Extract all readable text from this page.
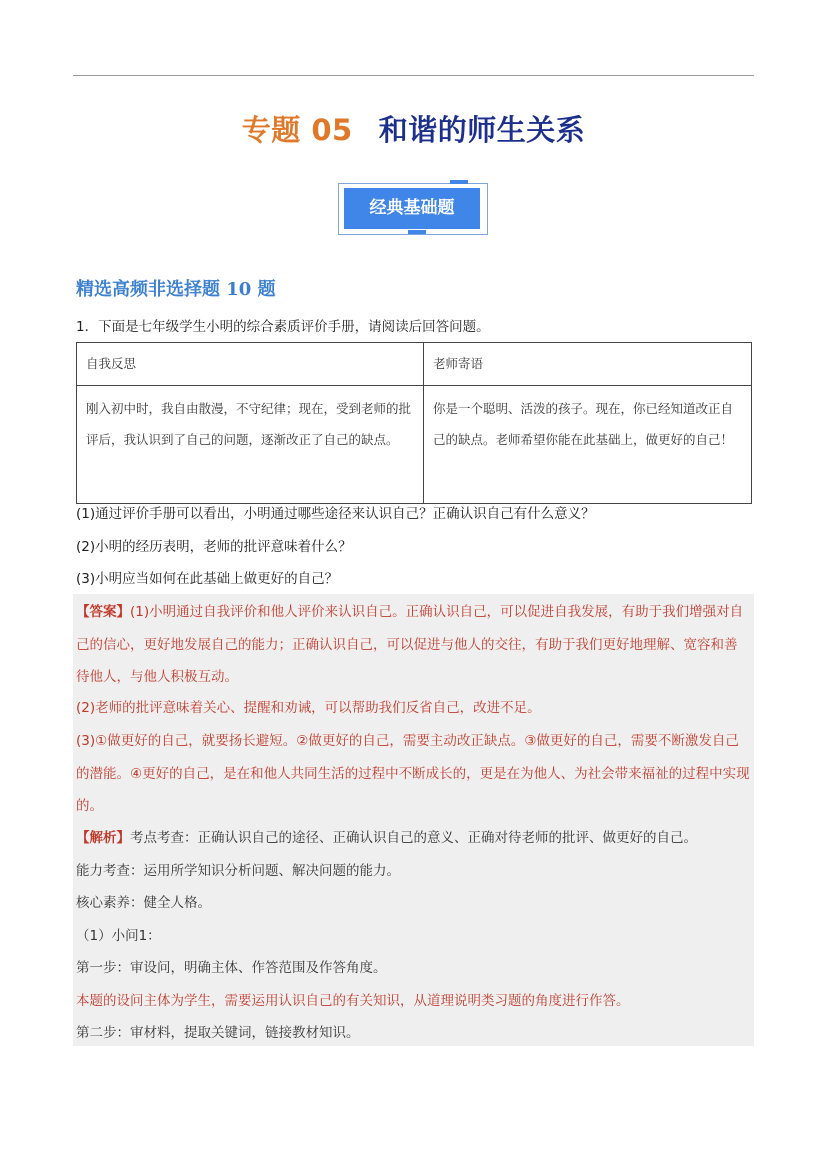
专题 05 和谐的师生关系
经典基础题
精选高频非选择题 10 题
1．下面是七年级学生小明的综合素质评价手册，请阅读后回答问题。
自我反思	老师寄语
刚入初中时，我自由散漫，不守纪律；现在，受到老师的批评后，我认识到了自己的问题，逐渐改正了自己的缺点。	你是一个聪明、活泼的孩子。现在，你已经知道改正自己的缺点。老师希望你能在此基础上，做更好的自己！
(1)通过评价手册可以看出，小明通过哪些途径来认识自己？正确认识自己有什么意义？
(2)小明的经历表明，老师的批评意味着什么？
(3)小明应当如何在此基础上做更好的自己？
【答案】(1)小明通过自我评价和他人评价来认识自己。正确认识自己，可以促进自我发展，有助于我们增强对自己的信心，更好地发展自己的能力；正确认识自己，可以促进与他人的交往，有助于我们更好地理解、宽容和善待他人，与他人积极互动。
(2)老师的批评意味着关心、提醒和劝诫，可以帮助我们反省自己，改进不足。
(3)①做更好的自己，就要扬长避短。②做更好的自己，需要主动改正缺点。③做更好的自己，需要不断激发自己的潜能。④更好的自己，是在和他人共同生活的过程中不断成长的，更是在为他人、为社会带来福祉的过程中实现的。
【解析】考点考查：正确认识自己的途径、正确认识自己的意义、正确对待老师的批评、做更好的自己。
能力考查：运用所学知识分析问题、解决问题的能力。
核心素养：健全人格。
（1）小问1：
第一步：审设问，明确主体、作答范围及作答角度。
本题的设问主体为学生，需要运用认识自己的有关知识，从道理说明类习题的角度进行作答。
第二步：审材料，提取关键词，链接教材知识。
